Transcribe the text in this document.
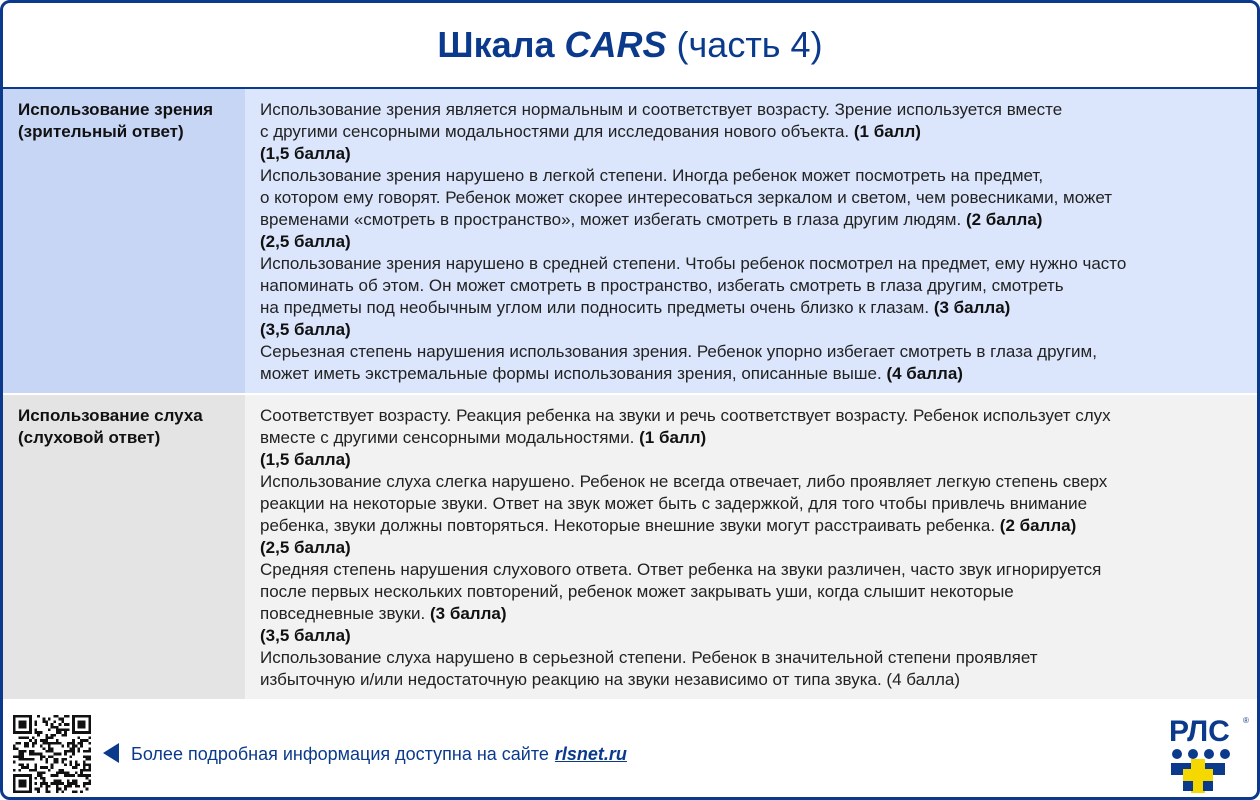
Шкала
CARS (часть 4)
Использование зрения
(зрительный ответ)

Использование зрения является нормальным и соответствует возрасту. Зрение используется вместе

с другими сенсорными модальностями для исследования нового объекта. (1 балл)

(1,5 балла)

Использование зрения нарушено в легкой степени. Иногда ребенок может посмотреть на предмет,

о котором ему говорят. Ребенок может скорее интересоваться зеркалом и светом, чем ровесниками, может

временами «смотреть в пространство», может избегать смотреть в глаза другим людям. (2 балла)

(2,5 балла)

Использование зрения нарушено в средней степени. Чтобы ребенок посмотрел на предмет, ему нужно часто

напоминать об этом. Он может смотреть в пространство, избегать смотреть в глаза другим, смотреть

на предметы под необычным углом или подносить предметы очень близко к глазам. (3 балла)

(3,5 балла)

Серьезная степень нарушения использования зрения. Ребенок упорно избегает смотреть в глаза другим,

может иметь экстремальные формы использования зрения, описанные выше. (4 балла)

Использование слуха
(слуховой ответ)

Соответствует возрасту. Реакция ребенка на звуки и речь соответствует возрасту. Ребенок использует слух

вместе с другими сенсорными модальностями. (1 балл)

(1,5 балла)

Использование слуха слегка нарушено. Ребенок не всегда отвечает, либо проявляет легкую степень сверх

реакции на некоторые звуки. Ответ на звук может быть с задержкой, для того чтобы привлечь внимание

ребенка, звуки должны повторяться. Некоторые внешние звуки могут расстраивать ребенка. (2 балла)

(2,5 балла)

Средняя степень нарушения слухового ответа. Ответ ребенка на звуки различен, часто звук игнорируется

после первых нескольких повторений, ребенок может закрывать уши, когда слышит некоторые

повседневные звуки. (3 балла)

(3,5 балла)

Использование слуха нарушено в серьезной степени. Ребенок в значительной степени проявляет

избыточную и/или недостаточную реакцию на звуки независимо от типа звука. (4 балла)

Более подробная информация доступна на сайте rlsnet.ru
РЛС ®
